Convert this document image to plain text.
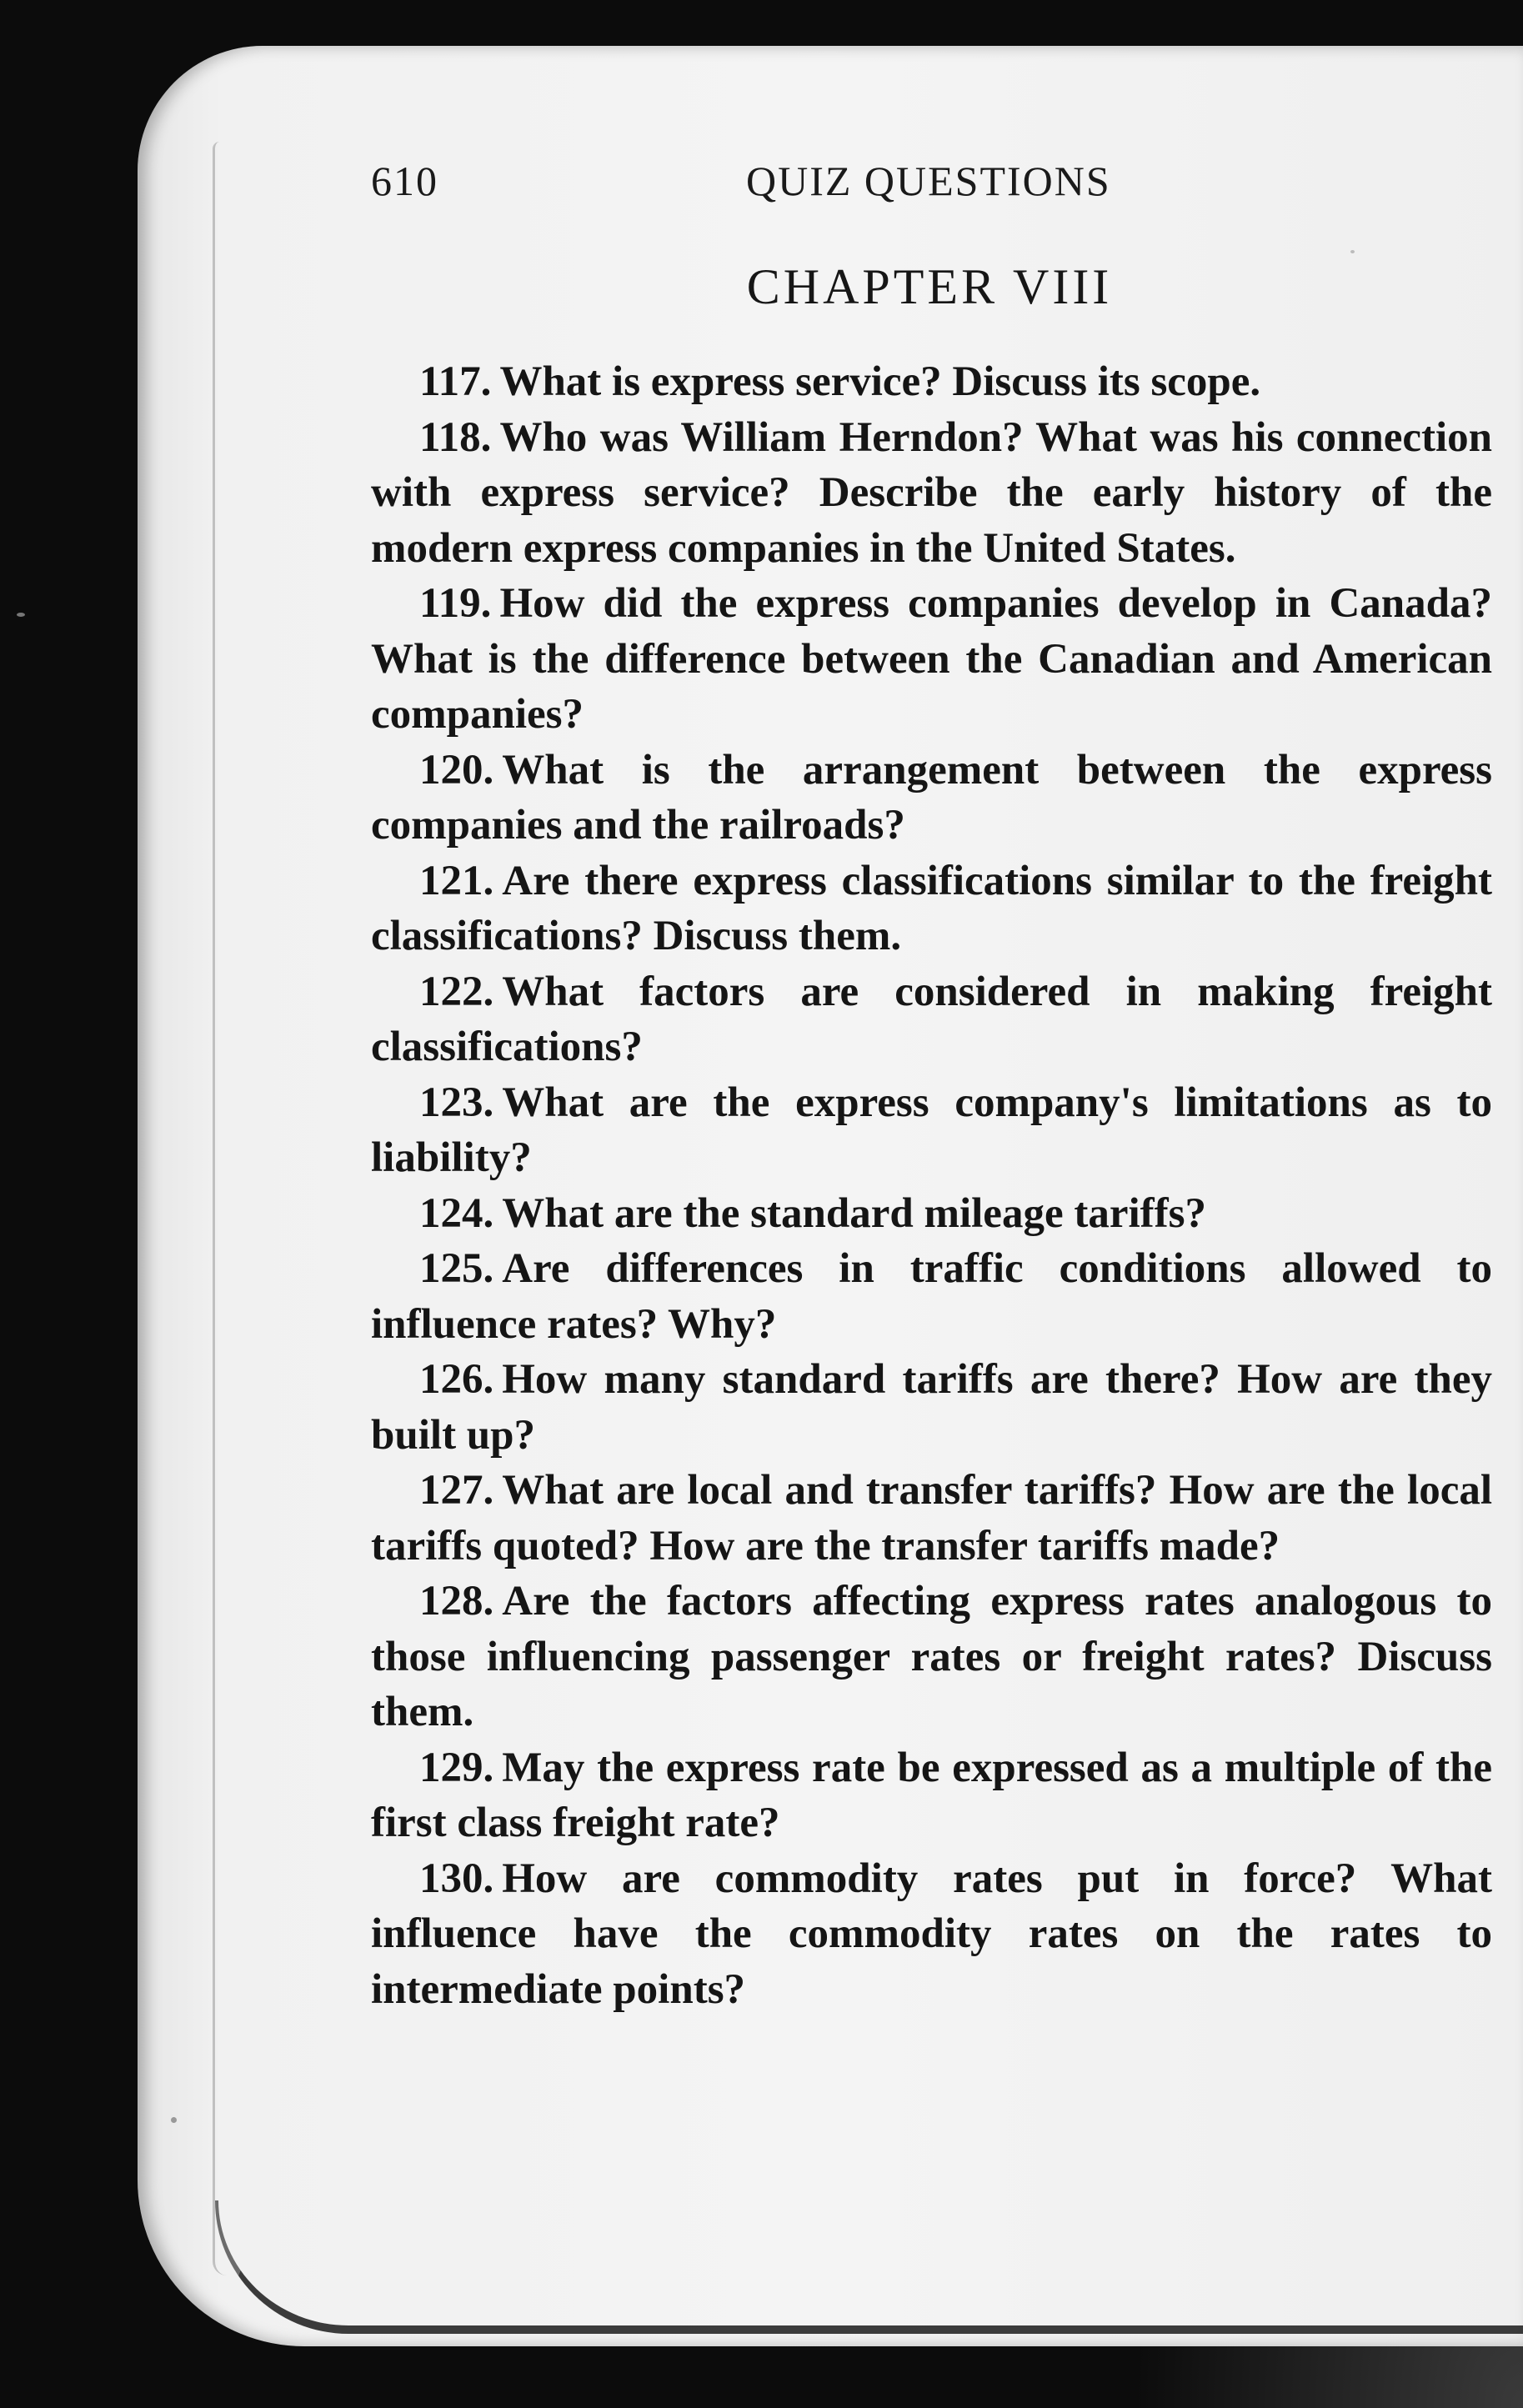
610	QUIZ QUESTIONS
CHAPTER VIII

117. What is express service? Discuss its scope.

118. Who was William Herndon? What was his connection with express service? Describe the early history of the modern express companies in the United States.

119. How did the express companies develop in Canada? What is the difference between the Canadian and American companies?

120. What is the arrangement between the express companies and the railroads?

121. Are there express classifications similar to the freight classifications? Discuss them.

122. What factors are considered in making freight classifications?

123. What are the express company's limitations as to liability?

124. What are the standard mileage tariffs?

125. Are differences in traffic conditions allowed to influence rates? Why?

126. How many standard tariffs are there? How are they built up?

127. What are local and transfer tariffs? How are the local tariffs quoted? How are the transfer tariffs made?

128. Are the factors affecting express rates analogous to those influencing passenger rates or freight rates? Discuss them.

129. May the express rate be expressed as a multiple of the first class freight rate?

130. How are commodity rates put in force? What influence have the commodity rates on the rates to intermediate points?
